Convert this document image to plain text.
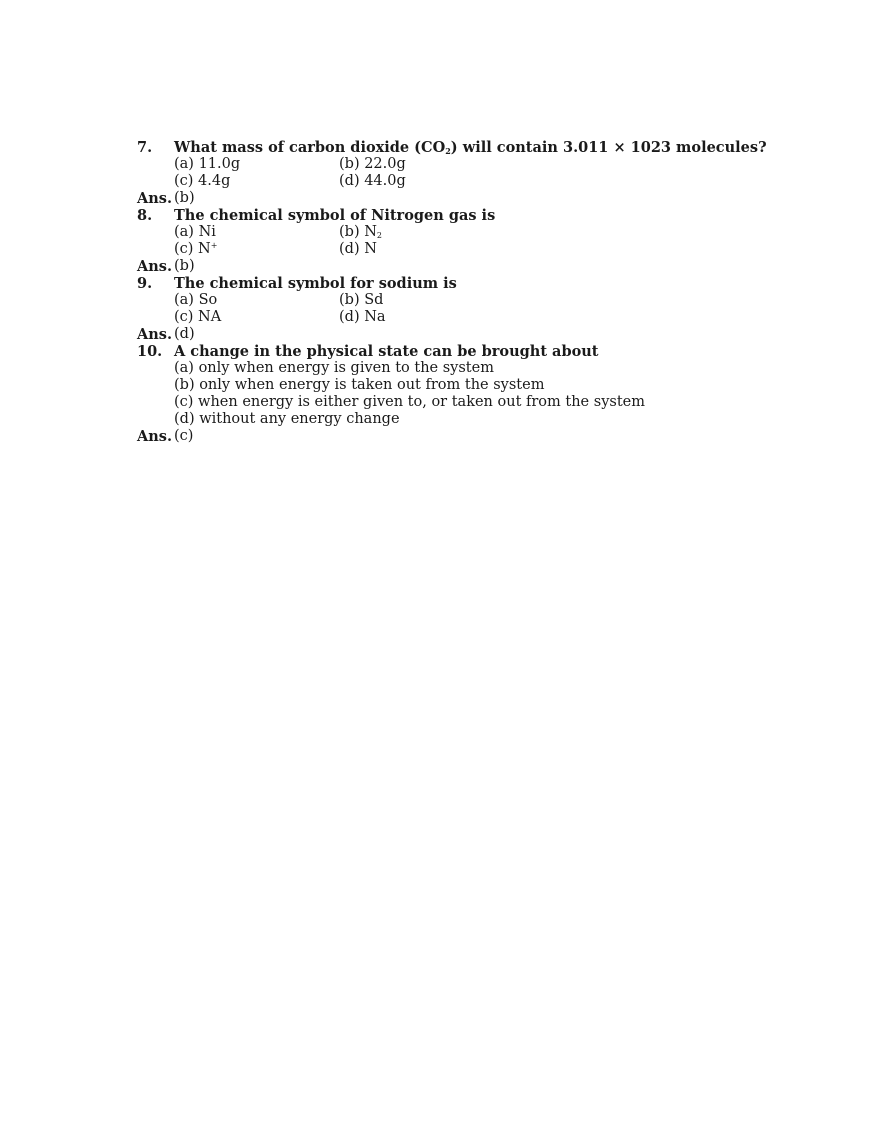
7.	What mass of carbon dioxide $(CO_2)$ will contain 3.011 × 1023 molecules?
(a) 11.0g	(b) 22.0g
(c) 4.4g	(d) 44.0g
Ans. (b)
8.	The chemical symbol of Nitrogen gas is
(a) Ni	(b) $N_2$
(c) N+	(d) N
Ans. (b)
9.	The chemical symbol for sodium is
(a) So	(b) Sd
(c) NA	(d) Na
Ans. (d)
10. A change in the physical state can be brought about
(a) only when energy is given to the system
(b) only when energy is taken out from the system
(c) when energy is either given to, or taken out from the system
(d) without any energy change
Ans. (c)
